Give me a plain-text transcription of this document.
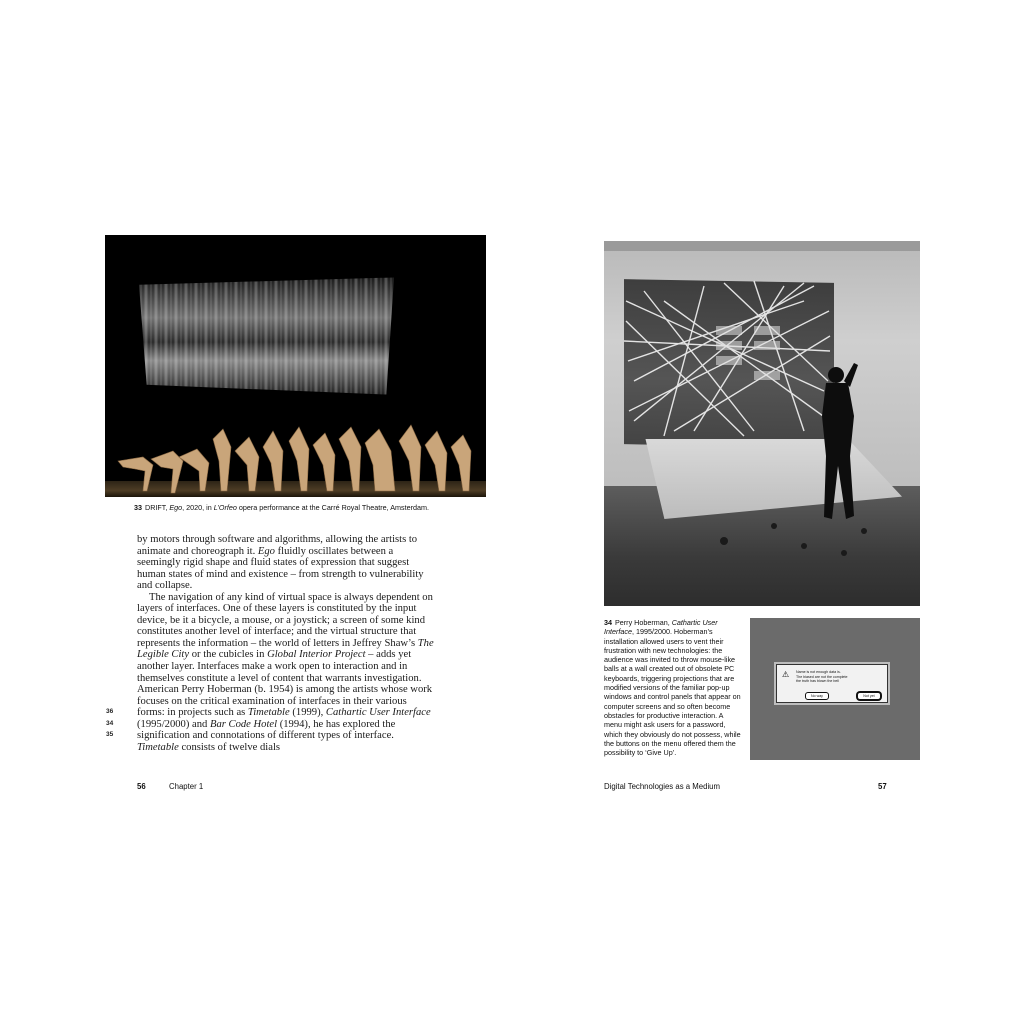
33 DRIFT, Ego, 2020, in L’Orfeo opera performance at the Carré Royal Theatre, Amsterdam.

by motors through software and algorithms, allowing the artists to animate and choreograph it. Ego fluidly oscillates between a seemingly rigid shape and fluid states of expression that suggest human states of mind and existence – from strength to vulnerability and collapse.

The navigation of any kind of virtual space is always dependent on layers of interfaces. One of these layers is constituted by the input device, be it a bicycle, a mouse, or a joystick; a screen of some kind constitutes another level of interface; and the virtual structure that represents the information – the world of letters in Jeffrey Shaw’s The Legible City or the cubicles in Global Interior Project – adds yet another layer. Interfaces make a work open to interaction and in themselves constitute a level of content that warrants investigation. American Perry Hoberman (b. 1954) is among the artists whose work focuses on the critical examination of interfaces in their various forms: in projects such as Timetable (1999), Cathartic User Interface (1995/2000) and Bar Code Hotel (1994), he has explored the signification and connotations of different types of interface. Timetable consists of twelve dials

36
34
35
56	Chapter 1
34 Perry Hoberman, Cathartic User Interface, 1995/2000. Hoberman’s installation allowed users to vent their frustration with new technologies: the audience was invited to throw mouse-like balls at a wall created out of obsolete PC keyboards, triggering projections that are modified versions of the familiar pop-up windows and control panels that appear on computer screens and so often become obstacles for productive interaction. A menu might ask users for a password, which they obviously do not possess, while the buttons on the menu offered them the possibility to ‘Give Up’.
⚠ Name is not enough data is.
The biased are not the complete
the truth has blown the bell
No way	Not yet
Digital Technologies as a Medium	57
